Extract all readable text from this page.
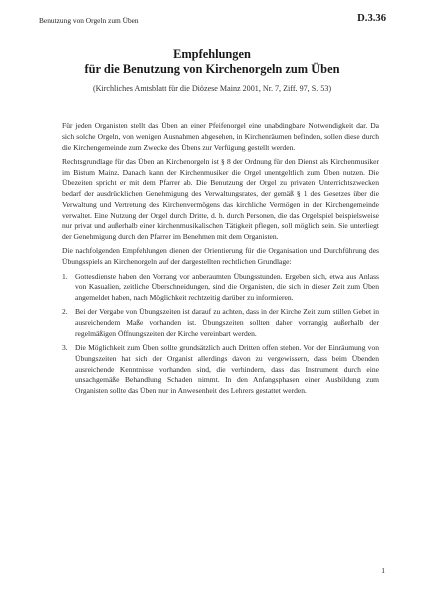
Benutzung von Orgeln zum Üben	D.3.36
Empfehlungen
für die Benutzung von Kirchenorgeln zum Üben
(Kirchliches Amtsblatt für die Diözese Mainz 2001, Nr. 7, Ziff. 97, S. 53)

Für jeden Organisten stellt das Üben an einer Pfeifenorgel eine unabdingbare Notwendigkeit dar. Da sich solche Orgeln, von wenigen Ausnahmen abgesehen, in Kirchenräumen befinden, sollen diese durch die Kirchengemeinde zum Zwecke des Übens zur Verfügung gestellt werden.

Rechtsgrundlage für das Üben an Kirchenorgeln ist § 8 der Ordnung für den Dienst als Kirchenmusiker im Bistum Mainz. Danach kann der Kirchenmusiker die Orgel unentgeltlich zum Üben nutzen. Die Übezeiten spricht er mit dem Pfarrer ab. Die Benutzung der Orgel zu privaten Unterrichtszwecken bedarf der ausdrücklichen Genehmigung des Verwaltungsrates, der gemäß § 1 des Gesetzes über die Verwaltung und Vertretung des Kirchenvermögens das kirchliche Vermögen in der Kirchengemeinde verwaltet. Eine Nutzung der Orgel durch Dritte, d. h. durch Personen, die das Orgelspiel beispielsweise nur privat und außerhalb einer kirchenmusikalischen Tätigkeit pflegen, soll möglich sein. Sie unterliegt der Genehmigung durch den Pfarrer im Benehmen mit dem Organisten.

Die nachfolgenden Empfehlungen dienen der Orientierung für die Organisation und Durchführung des Übungsspiels an Kirchenorgeln auf der dargestellten rechtlichen Grundlage:

1. Gottesdienste haben den Vorrang vor anberaumten Übungsstunden. Ergeben sich, etwa aus Anlass von Kasualien, zeitliche Überschneidungen, sind die Organisten, die sich in dieser Zeit zum Üben angemeldet haben, nach Möglichkeit rechtzeitig darüber zu informieren.
2. Bei der Vergabe von Übungszeiten ist darauf zu achten, dass in der Kirche Zeit zum stillen Gebet in ausreichendem Maße vorhanden ist. Übungszeiten sollten daher vorrangig außerhalb der regelmäßigen Öffnungszeiten der Kirche vereinbart werden.
3. Die Möglichkeit zum Üben sollte grundsätzlich auch Dritten offen stehen. Vor der Einräumung von Übungszeiten hat sich der Organist allerdings davon zu vergewissern, dass beim Übenden ausreichende Kenntnisse vorhanden sind, die verhindern, dass das Instrument durch eine unsachgemäße Behandlung Schaden nimmt. In den Anfangsphasen einer Ausbildung zum Organisten sollte das Üben nur in Anwesenheit des Lehrers gestattet werden.
1
